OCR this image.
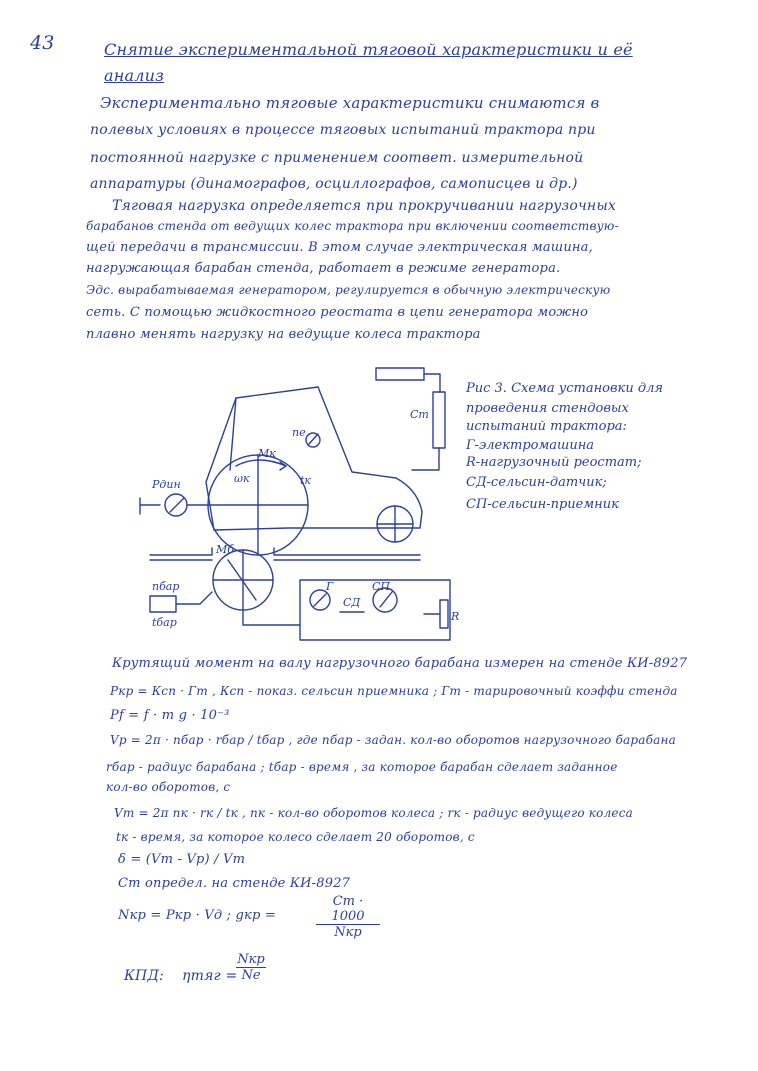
43	Снятие экспериментальной тяговой характеристики и её
анализ
Экспериментально тяговые характеристики снимаются в
полевых условиях в процессе тяговых испытаний трактора при
постоянной нагрузке с применением соответ. измерительной
аппаратуры (динамографов, осциллографов, самописцев и др.)
Тяговая нагрузка определяется при прокручивании нагрузочных
барабанов стенда от ведущих колес трактора при включении соответствую-
щей передачи в трансмиссии. В этом случае электрическая машина,
нагружающая барабан стенда, работает в режиме генератора.
Эдс. вырабатываемая генератором, регулируется в обычную электрическую
сеть. С помощью жидкостного реостата в цепи генератора можно
плавно менять нагрузку на ведущие колеса трактора
Cт
nе
Мк
ωк	tк
Pдин
Мб
nбар
tбар
Г
СД
СП
R
Рис 3. Схема установки для
проведения стендовых
испытаний трактора:
Г-электромашина
R-нагрузочный реостат;
СД-сельсин-датчик;
СП-сельсин-приемник
Крутящий момент на валу нагрузочного барабана измерен на стенде КИ-8927
Pкр = Ксп · Гт , Ксп - показ. сельсин приемника ; Гт - тарировочный коэффи стенда
Pf = f · m g · 10⁻³
Vp = 2π · nбар · rбар / tбар , где nбар - задан. кол-во оборотов нагрузочного барабана
rбар - радиус барабана ; tбар - время , за которое барабан сделает заданное
кол-во оборотов, с
Vт = 2π nк · rк / tк , nк - кол-во оборотов колеса ; rк - радиус ведущего колеса
tк - время, за которое колесо сделает 20 оборотов, с
δ = (Vт - Vр) / Vт
Cт определ. на стенде КИ-8927
Nкр = Pкр · Vд ; gкр =
Cт · 1000
Nкр
КПД: ηтяг =
Nкр
Nе
